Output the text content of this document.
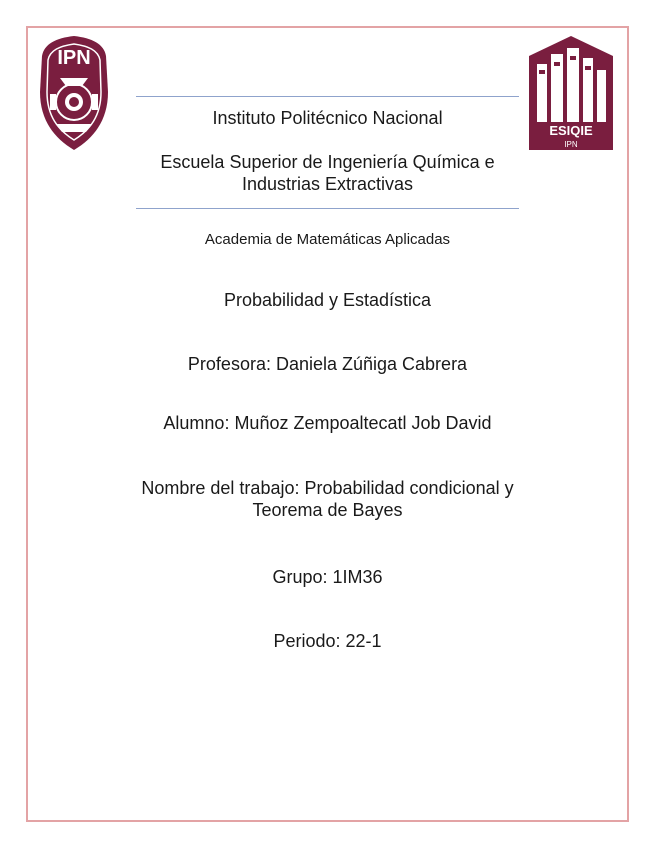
IPN
ESIQIE
IPN
Instituto Politécnico Nacional
Escuela Superior de Ingeniería Química e
Industrias Extractivas
Academia de Matemáticas Aplicadas
Probabilidad y Estadística
Profesora: Daniela Zúñiga Cabrera
Alumno: Muñoz Zempoaltecatl Job David
Nombre del trabajo: Probabilidad condicional y
Teorema de Bayes
Grupo: 1IM36
Periodo: 22-1
